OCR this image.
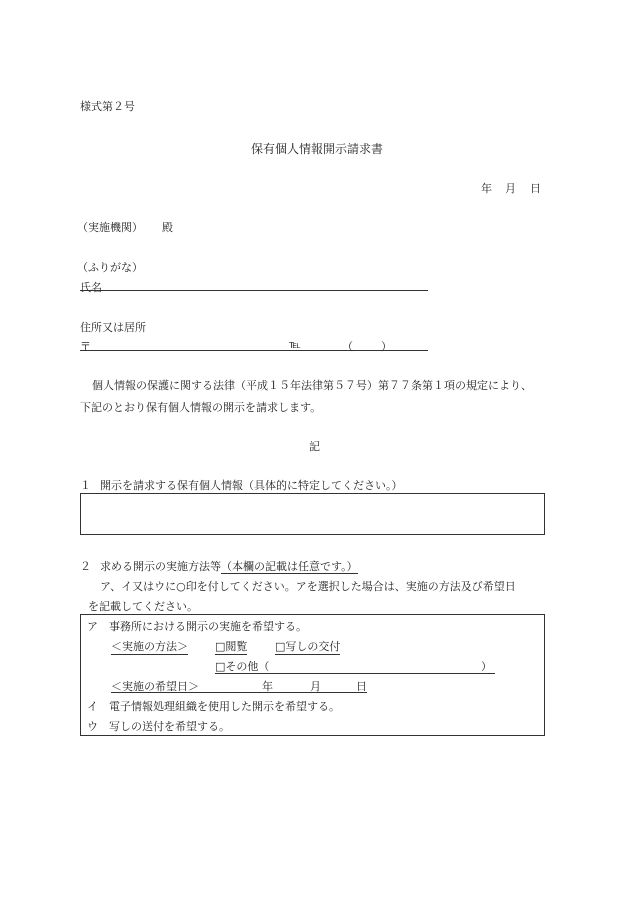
様式第２号
保有個人情報開示請求書
年 月 日
（実施機関） 殿
（ふりがな）
氏名
住所又は居所
〒	℡	（	）
個人情報の保護に関する法律（平成１５年法律第５７号）第７７条第１項の規定により、
下記のとおり保有個人情報の開示を請求します。
記
１ 開示を請求する保有個人情報（具体的に特定してください。）
２ 求める開示の実施方法等（本欄の記載は任意です。）
ア、イ又はウに○印を付してください。アを選択した場合は、実施の方法及び希望日
を記載してください。
ア 事務所における開示の実施を希望する。
＜実施の方法＞ □閲覧	□写しの交付
□その他（	）
＜実施の希望日＞	年	月	日
イ 電子情報処理組織を使用した開示を希望する。
ウ 写しの送付を希望する。
